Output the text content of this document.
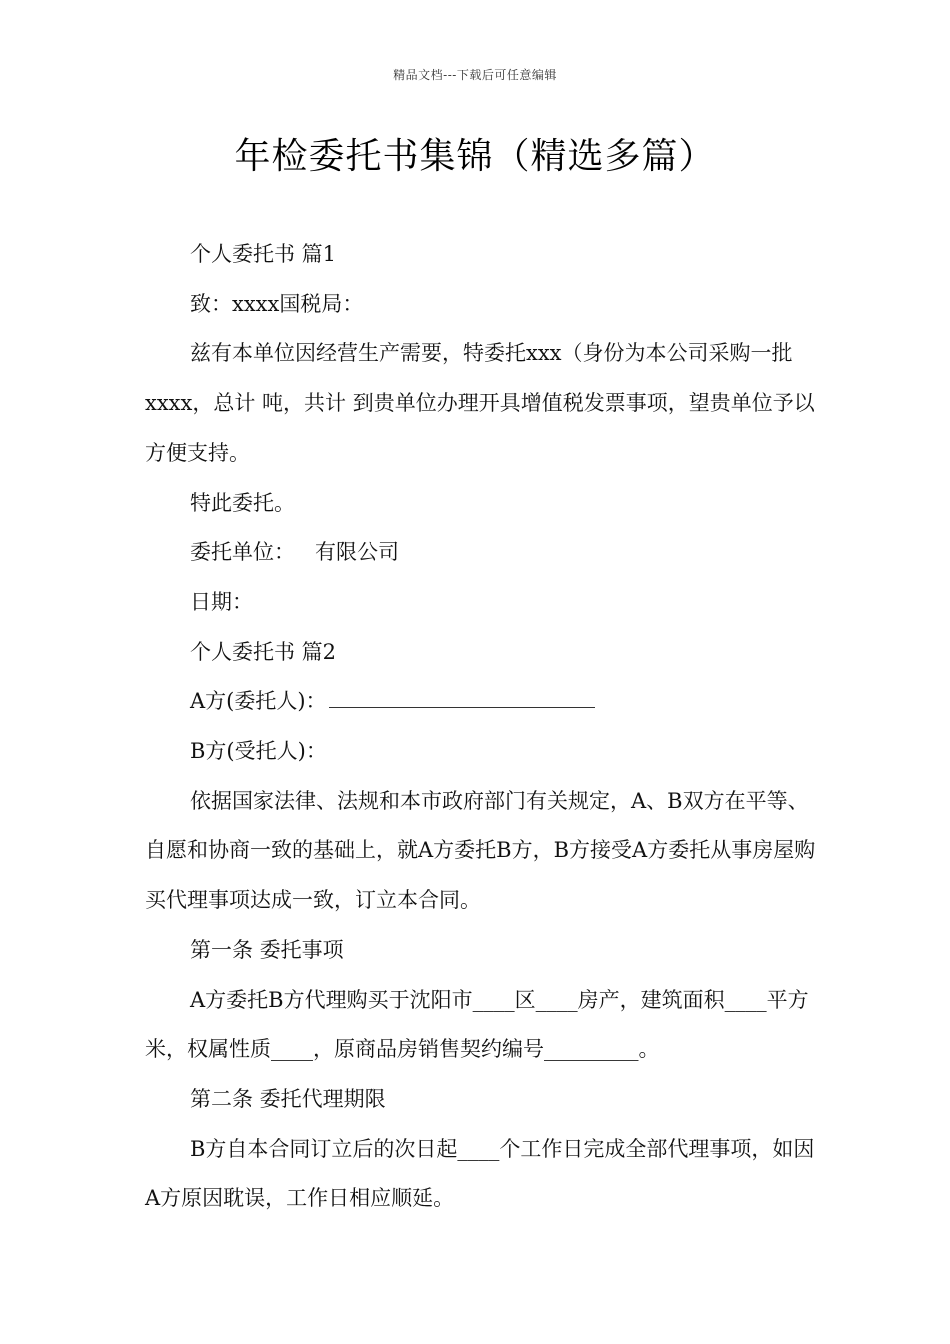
精品文档---下载后可任意编辑
年检委托书集锦（精选多篇）

个人委托书 篇1

致：xxxx国税局：

兹有本单位因经营生产需要，特委托xxx（身份为本公司采购一批xxxx，总计 吨，共计 到贵单位办理开具增值税发票事项，望贵单位予以方便支持。

特此委托。

委托单位：   有限公司

日期：

个人委托书 篇2

A方(委托人)：

B方(受托人)：

依据国家法律、法规和本市政府部门有关规定，A、B双方在平等、自愿和协商一致的基础上，就A方委托B方，B方接受A方委托从事房屋购买代理事项达成一致，订立本合同。

第一条 委托事项

A方委托B方代理购买于沈阳市____区____房产，建筑面积____平方米，权属性质____，原商品房销售契约编号_________。

第二条 委托代理期限

B方自本合同订立后的次日起____个工作日完成全部代理事项，如因A方原因耽误，工作日相应顺延。
